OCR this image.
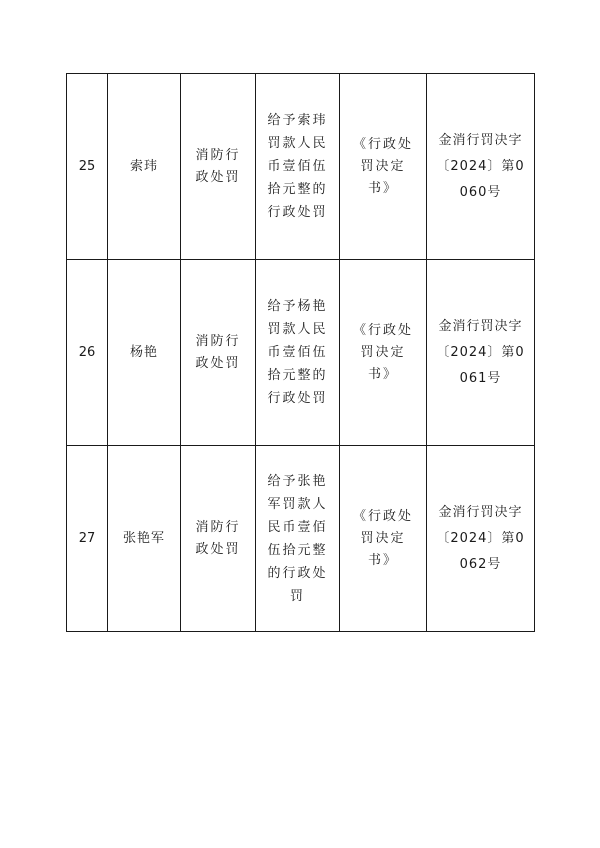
25	索玮	消防行政处罚	给予索玮罚款人民币壹佰伍拾元整的行政处罚	《行政处罚决定书》	金消行罚决字〔2024〕第0060号
26	杨艳	消防行政处罚	给予杨艳罚款人民币壹佰伍拾元整的行政处罚	《行政处罚决定书》	金消行罚决字〔2024〕第0061号
27	张艳军	消防行政处罚	给予张艳军罚款人民币壹佰伍拾元整的行政处罚	《行政处罚决定书》	金消行罚决字〔2024〕第0062号
